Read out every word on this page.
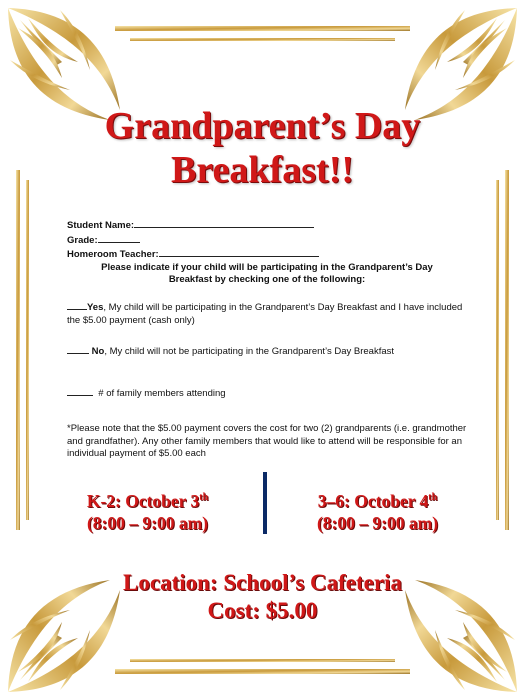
Grandparent’s Day
Breakfast!!
Student Name:
Grade:
Homeroom Teacher:
Please indicate if your child will be participating in the Grandparent’s Day Breakfast by checking one of the following:
Yes, My child will be participating in the Grandparent’s Day Breakfast and I have included the $5.00 payment (cash only)
No, My child will not be participating in the Grandparent’s Day Breakfast
# of family members attending
*Please note that the $5.00 payment covers the cost for two (2) grandparents (i.e. grandmother and grandfather). Any other family members that would like to attend will be responsible for an individual payment of $5.00 each
K-2: October 3th
(8:00 – 9:00 am)
3–6: October 4th
(8:00 – 9:00 am)
Location: School’s Cafeteria
Cost: $5.00
